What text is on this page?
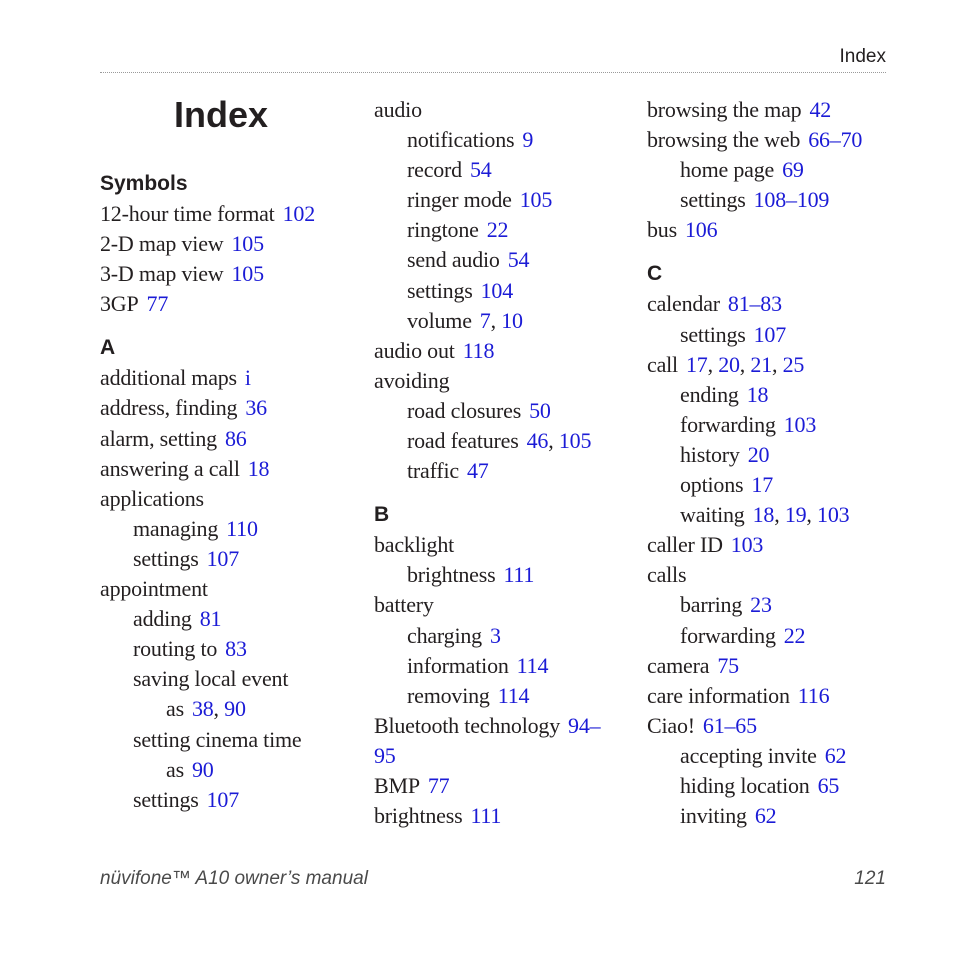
Index
Index
Symbols
12-hour time format 102
2-D map view 105
3-D map view 105
3GP 77
A
additional maps i
address, finding 36
alarm, setting 86
answering a call 18
applications
managing 110
settings 107
appointment
adding 81
routing to 83
saving local event
as 38, 90
setting cinema time
as 90
settings 107
audio
notifications 9
record 54
ringer mode 105
ringtone 22
send audio 54
settings 104
volume 7, 10
audio out 118
avoiding
road closures 50
road features 46, 105
traffic 47
B
backlight
brightness 111
battery
charging 3
information 114
removing 114
Bluetooth technology 94–
95
BMP 77
brightness 111
browsing the map 42
browsing the web 66–70
home page 69
settings 108–109
bus 106
C
calendar 81–83
settings 107
call 17, 20, 21, 25
ending 18
forwarding 103
history 20
options 17
waiting 18, 19, 103
caller ID 103
calls
barring 23
forwarding 22
camera 75
care information 116
Ciao! 61–65
accepting invite 62
hiding location 65
inviting 62
nüvifone™ A10 owner’s manual	121
